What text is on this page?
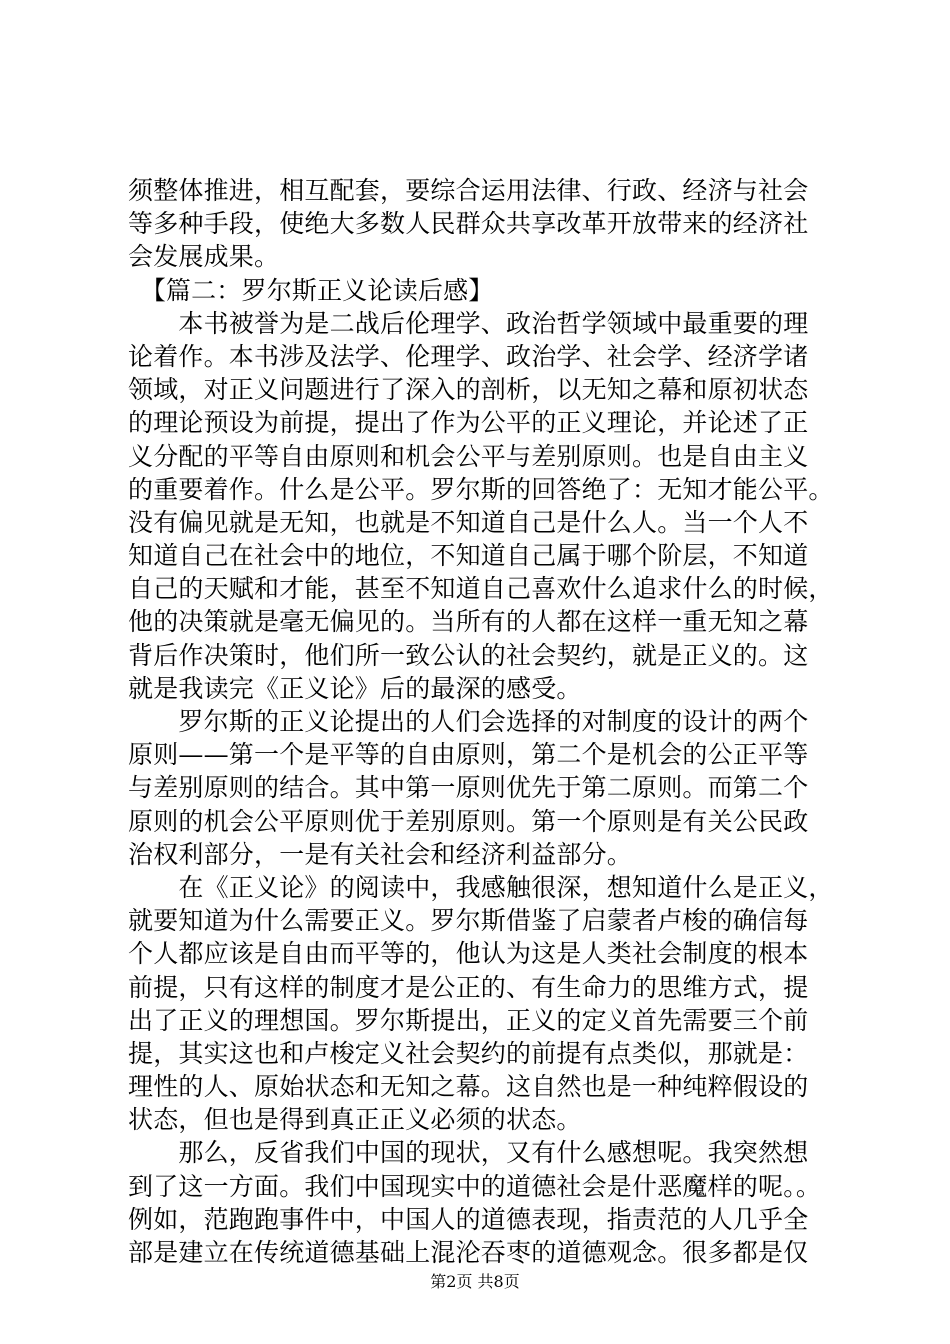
须整体推进，相互配套，要综合运用法律、行政、经济与社会
等多种手段，使绝大多数人民群众共享改革开放带来的经济社
会发展成果。
　【篇二：罗尔斯正义论读后感】
　　本书被誉为是二战后伦理学、政治哲学领域中最重要的理
论着作。本书涉及法学、伦理学、政治学、社会学、经济学诸
领域，对正义问题进行了深入的剖析，以无知之幕和原初状态
的理论预设为前提，提出了作为公平的正义理论，并论述了正
义分配的平等自由原则和机会公平与差别原则。也是自由主义
的重要着作。什么是公平。罗尔斯的回答绝了：无知才能公平。
没有偏见就是无知，也就是不知道自己是什么人。当一个人不
知道自己在社会中的地位，不知道自己属于哪个阶层，不知道
自己的天赋和才能，甚至不知道自己喜欢什么追求什么的时候，
他的决策就是毫无偏见的。当所有的人都在这样一重无知之幕
背后作决策时，他们所一致公认的社会契约，就是正义的。这
就是我读完《正义论》后的最深的感受。
　　罗尔斯的正义论提出的人们会选择的对制度的设计的两个
原则——第一个是平等的自由原则，第二个是机会的公正平等
与差别原则的结合。其中第一原则优先于第二原则。而第二个
原则的机会公平原则优于差别原则。第一个原则是有关公民政
治权利部分，一是有关社会和经济利益部分。
　　在《正义论》的阅读中，我感触很深，想知道什么是正义，
就要知道为什么需要正义。罗尔斯借鉴了启蒙者卢梭的确信每
个人都应该是自由而平等的，他认为这是人类社会制度的根本
前提，只有这样的制度才是公正的、有生命力的思维方式，提
出了正义的理想国。罗尔斯提出，正义的定义首先需要三个前
提，其实这也和卢梭定义社会契约的前提有点类似，那就是：
理性的人、原始状态和无知之幕。这自然也是一种纯粹假设的
状态，但也是得到真正正义必须的状态。
　　那么，反省我们中国的现状，又有什么感想呢。我突然想
到了这一方面。我们中国现实中的道德社会是什恶魔样的呢。。
例如，范跑跑事件中，中国人的道德表现，指责范的人几乎全
部是建立在传统道德基础上混沦吞枣的道德观念。很多都是仅
第2页 共8页
